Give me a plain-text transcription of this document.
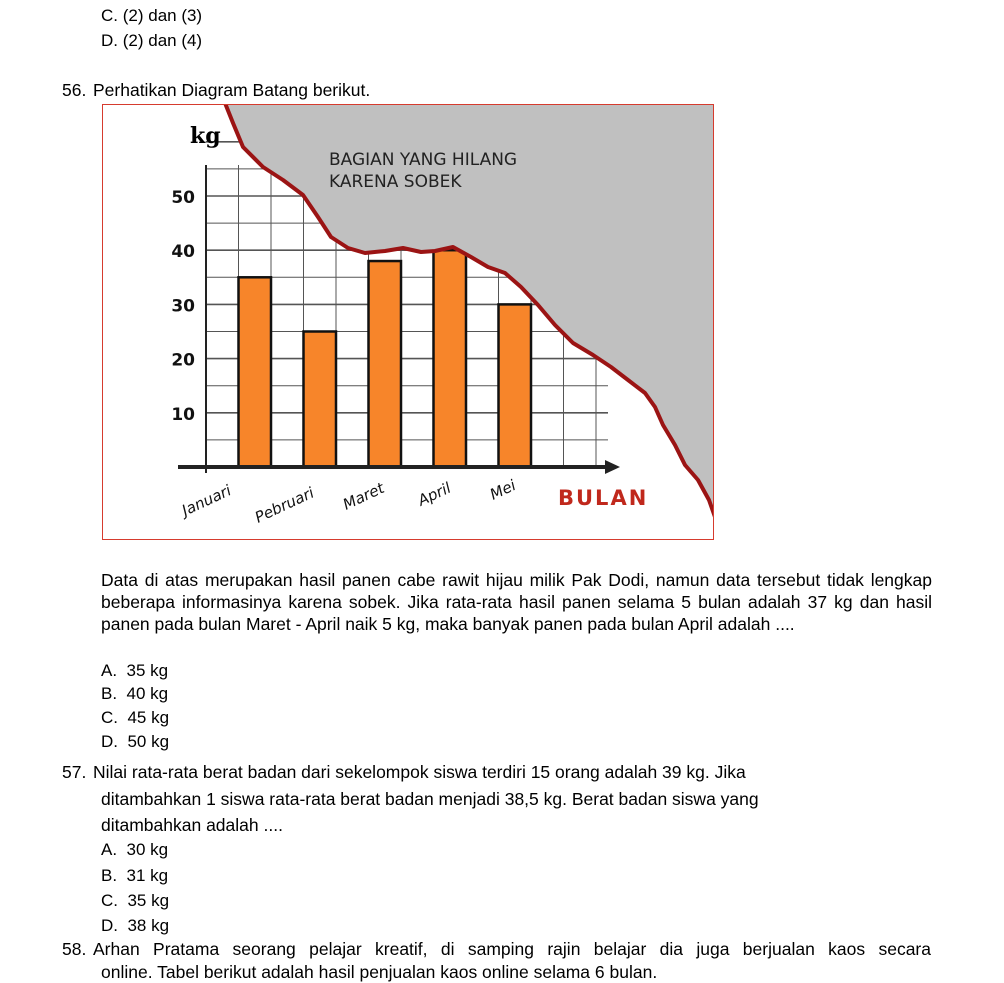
C. (2) dan (3)
D. (2) dan (4)
56. Perhatikan Diagram Batang berikut.
10
20
30
40
50
Januari Pebruari Maret April Mei
kg
BAGIAN YANG HILANG
KARENA SOBEK
BULAN
Data di atas merupakan hasil panen cabe rawit hijau milik Pak Dodi, namun data tersebut tidak lengkap beberapa informasinya karena sobek. Jika rata-rata hasil panen selama 5 bulan adalah 37 kg dan hasil panen pada bulan Maret - April naik 5 kg, maka banyak panen pada bulan April adalah ....
A. 35 kg
B. 40 kg
C. 45 kg
D. 50 kg
57. Nilai rata-rata berat badan dari sekelompok siswa terdiri 15 orang adalah 39 kg. Jika
ditambahkan 1 siswa rata-rata berat badan menjadi 38,5 kg. Berat badan siswa yang
ditambahkan adalah ....
A. 30 kg
B. 31 kg
C. 35 kg
D. 38 kg
58. Arhan Pratama seorang pelajar kreatif, di samping rajin belajar dia juga berjualan kaos secara
online. Tabel berikut adalah hasil penjualan kaos online selama 6 bulan.
